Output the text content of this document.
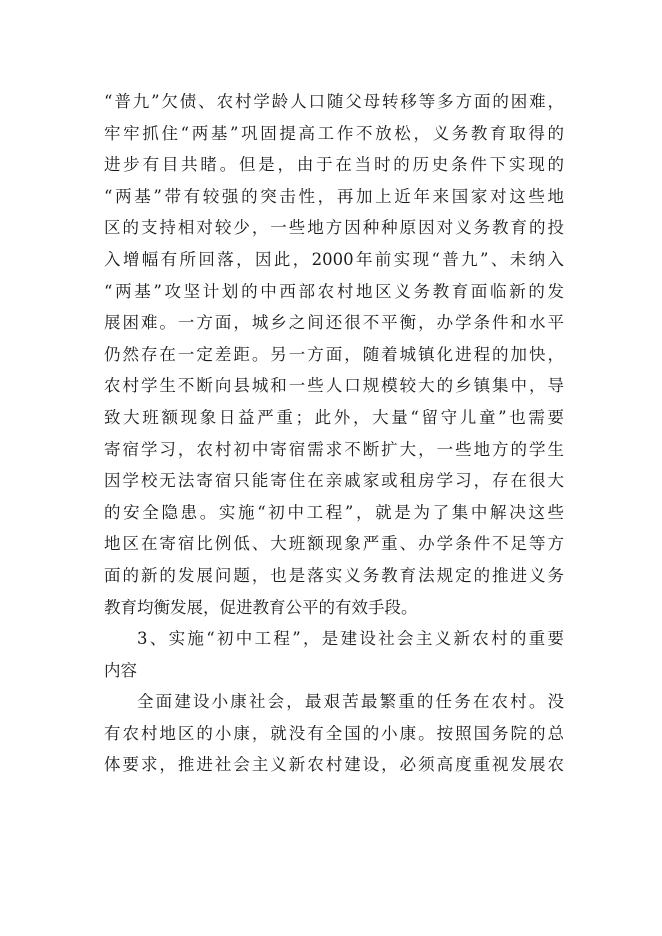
“普九”欠债、农村学龄人口随父母转移等多方面的困难，
牢牢抓住“两基”巩固提高工作不放松，义务教育取得的
进步有目共睹。但是，由于在当时的历史条件下实现的
“两基”带有较强的突击性，再加上近年来国家对这些地
区的支持相对较少，一些地方因种种原因对义务教育的投
入增幅有所回落，因此，2000年前实现“普九”、未纳入
“两基”攻坚计划的中西部农村地区义务教育面临新的发
展困难。一方面，城乡之间还很不平衡，办学条件和水平
仍然存在一定差距。另一方面，随着城镇化进程的加快，
农村学生不断向县城和一些人口规模较大的乡镇集中，导
致大班额现象日益严重；此外，大量“留守儿童”也需要
寄宿学习，农村初中寄宿需求不断扩大，一些地方的学生
因学校无法寄宿只能寄住在亲戚家或租房学习，存在很大
的安全隐患。实施“初中工程”，就是为了集中解决这些
地区在寄宿比例低、大班额现象严重、办学条件不足等方
面的新的发展问题，也是落实义务教育法规定的推进义务
教育均衡发展，促进教育公平的有效手段。
3、实施“初中工程”，是建设社会主义新农村的重要
内容
全面建设小康社会，最艰苦最繁重的任务在农村。没
有农村地区的小康，就没有全国的小康。按照国务院的总
体要求，推进社会主义新农村建设，必须高度重视发展农
